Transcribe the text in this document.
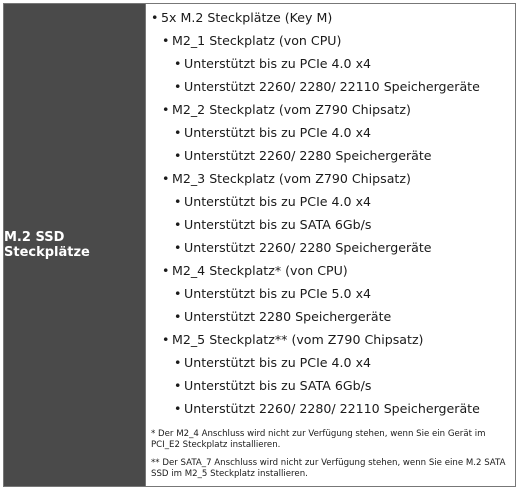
M.2 SSD Steckplätze
* Der M2_4 Anschluss wird nicht zur Verfügung stehen, wenn Sie ein Gerät im PCI_E2 Steckplatz installieren.
** Der SATA_7 Anschluss wird nicht zur Verfügung stehen, wenn Sie eine M.2 SATA SSD im M2_5 Steckplatz installieren.
• 5x M.2 Steckplätze (Key M)
• M2_1 Steckplatz (von CPU)
• Unterstützt bis zu PCIe 4.0 x4
• Unterstützt 2260/ 2280/ 22110 Speichergeräte
• M2_2 Steckplatz (vom Z790 Chipsatz)
• Unterstützt bis zu PCIe 4.0 x4
• Unterstützt 2260/ 2280 Speichergeräte
• M2_3 Steckplatz (vom Z790 Chipsatz)
• Unterstützt bis zu PCIe 4.0 x4
• Unterstützt bis zu SATA 6Gb/s
• Unterstützt 2260/ 2280 Speichergeräte
• M2_4 Steckplatz* (von CPU)
• Unterstützt bis zu PCIe 5.0 x4
• Unterstützt 2280 Speichergeräte
• M2_5 Steckplatz** (vom Z790 Chipsatz)
• Unterstützt bis zu PCIe 4.0 x4
• Unterstützt bis zu SATA 6Gb/s
• Unterstützt 2260/ 2280/ 22110 Speichergeräte
